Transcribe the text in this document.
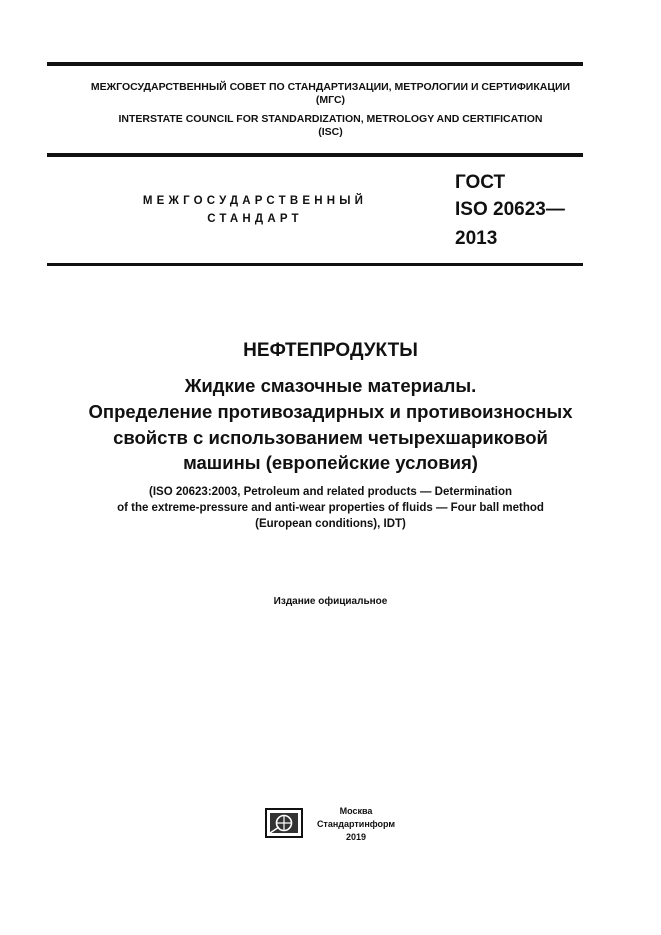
МЕЖГОСУДАРСТВЕННЫЙ СОВЕТ ПО СТАНДАРТИЗАЦИИ, МЕТРОЛОГИИ И СЕРТИФИКАЦИИ
(МГС)
INTERSTATE COUNCIL FOR STANDARDIZATION, METROLOGY AND CERTIFICATION
(ISC)
МЕЖГОСУДАРСТВЕННЫЙ
СТАНДАРТ
ГОСТ
ISO 20623—
2013
НЕФТЕПРОДУКТЫ
Жидкие смазочные материалы.
Определение противозадирных и противоизносных
свойств с использованием четырехшариковой
машины (европейские условия)
(ISO 20623:2003, Petroleum and related products — Determination
of the extreme-pressure and anti-wear properties of fluids — Four ball method
(European conditions), IDT)
Издание официальное
Москва
Стандартинформ
2019
